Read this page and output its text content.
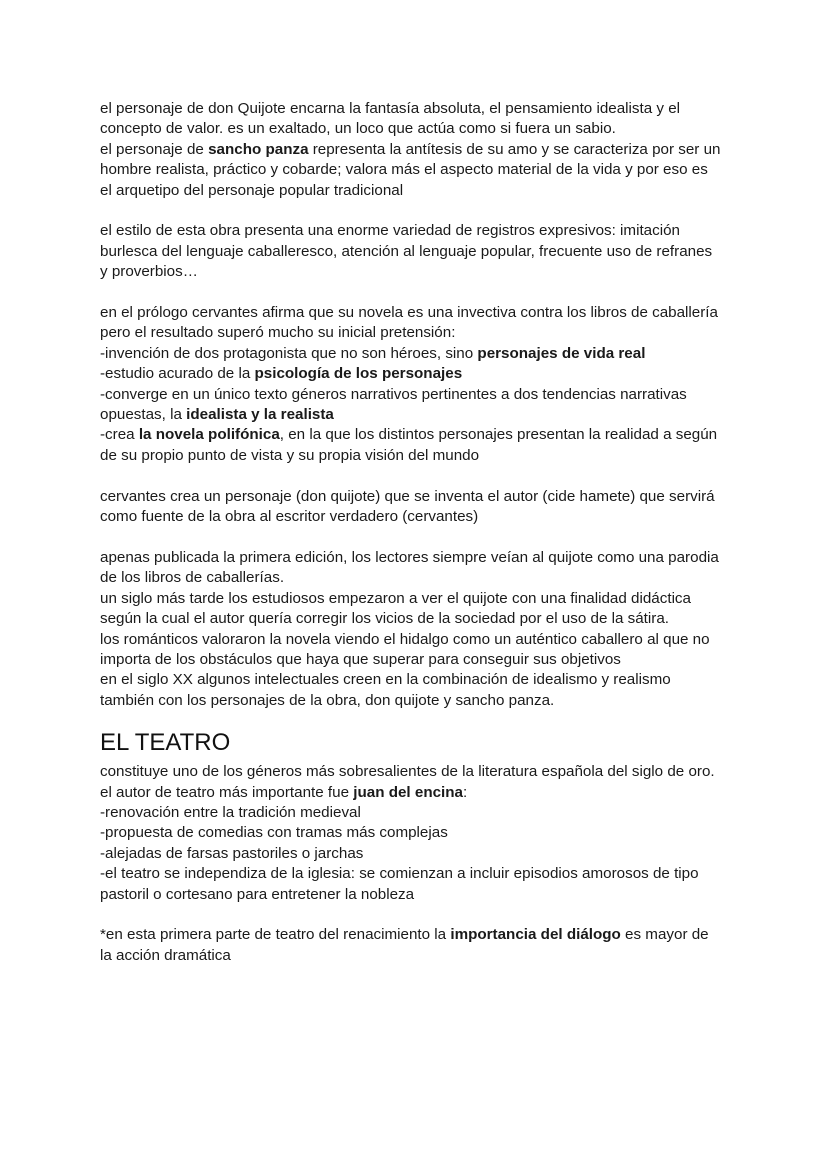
el personaje de don Quijote encarna la fantasía absoluta, el pensamiento idealista y el
concepto de valor. es un exaltado, un loco que actúa como si fuera un sabio.
el personaje de sancho panza representa la antítesis de su amo y se caracteriza por ser un
hombre realista, práctico y cobarde; valora más el aspecto material de la vida y por eso es
el arquetipo del personaje popular tradicional
el estilo de esta obra presenta una enorme variedad de registros expresivos: imitación
burlesca del lenguaje caballeresco, atención al lenguaje popular, frecuente uso de refranes
y proverbios…
en el prólogo cervantes afirma que su novela es una invectiva contra los libros de caballería
pero el resultado superó mucho su inicial pretensión:
-invención de dos protagonista que no son héroes, sino personajes de vida real
-estudio acurado de la psicología de los personajes
-converge en un único texto géneros narrativos pertinentes a dos tendencias narrativas
opuestas, la idealista y la realista
-crea la novela polifónica, en la que los distintos personajes presentan la realidad a según
de su propio punto de vista y su propia visión del mundo
cervantes crea un personaje (don quijote) que se inventa el autor (cide hamete) que servirá
como fuente de la obra al escritor verdadero (cervantes)
apenas publicada la primera edición, los lectores siempre veían al quijote como una parodia
de los libros de caballerías.
un siglo más tarde los estudiosos empezaron a ver el quijote con una finalidad didáctica
según la cual el autor quería corregir los vicios de la sociedad por el uso de la sátira.
los románticos valoraron la novela viendo el hidalgo como un auténtico caballero al que no
importa de los obstáculos que haya que superar para conseguir sus objetivos
en el siglo XX algunos intelectuales creen en la combinación de idealismo y realismo
también con los personajes de la obra, don quijote y sancho panza.
EL TEATRO
constituye uno de los géneros más sobresalientes de la literatura española del siglo de oro.
el autor de teatro más importante fue juan del encina:
-renovación entre la tradición medieval
-propuesta de comedias con tramas más complejas
-alejadas de farsas pastoriles o jarchas
-el teatro se independiza de la iglesia: se comienzan a incluir episodios amorosos de tipo
pastoril o cortesano para entretener la nobleza
*en esta primera parte de teatro del renacimiento la importancia del diálogo es mayor de
la acción dramática
